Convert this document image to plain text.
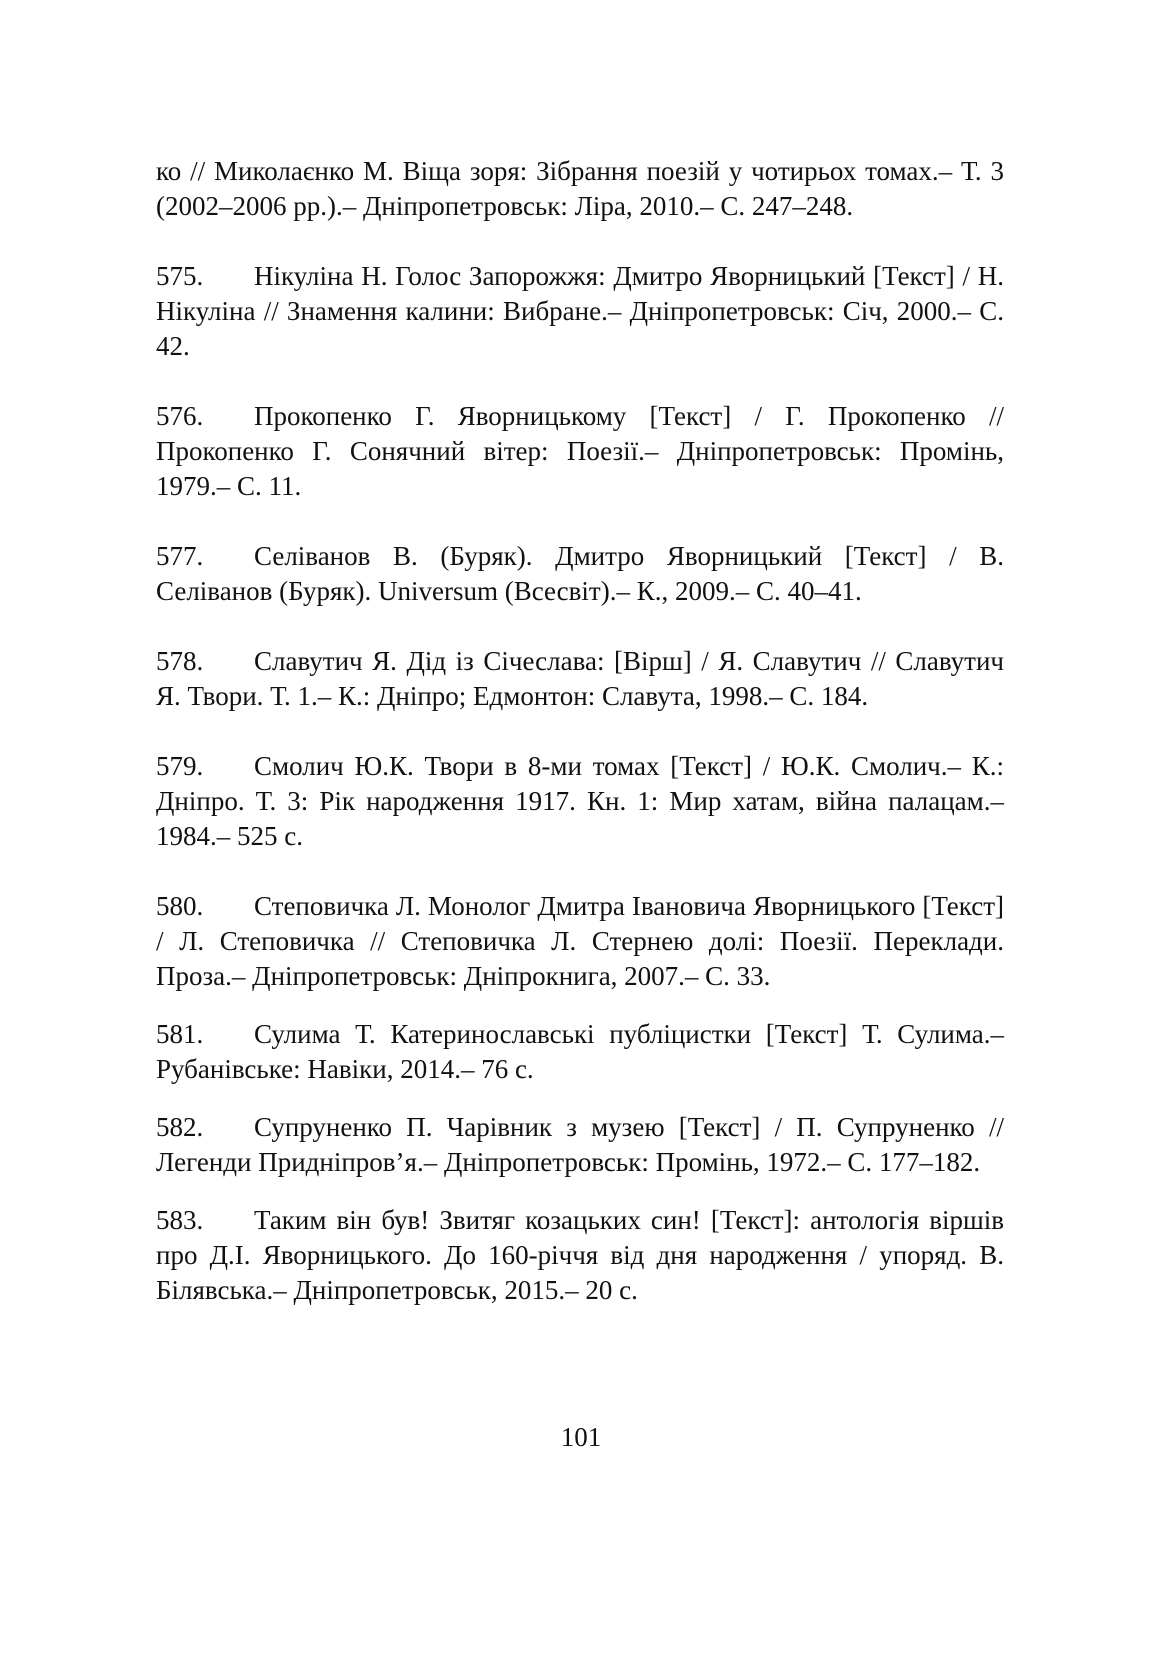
ко // Миколаєнко М. Віща зоря: Зібрання поезій у чотирьох томах.– Т. 3 (2002–2006 рр.).– Дніпропетровськ: Ліра, 2010.– С. 247–248.

575. Нікуліна Н. Голос Запорожжя: Дмитро Яворницький [Текст] / Н. Нікуліна // Знамення калини: Вибране.– Дніпропетровськ: Січ, 2000.– С. 42.

576. Прокопенко Г. Яворницькому [Текст] / Г. Прокопенко // Прокопенко Г. Сонячний вітер: Поезії.– Дніпропетровськ: Промінь, 1979.– С. 11.

577. Селіванов В. (Буряк). Дмитро Яворницький [Текст] / В. Селіванов (Буряк). Universum (Всесвіт).– К., 2009.– С. 40–41.

578. Славутич Я. Дід із Січеслава: [Вірш] / Я. Славутич // Славутич Я. Твори. Т. 1.– К.: Дніпро; Едмонтон: Славута, 1998.– С. 184.

579. Смолич Ю.К. Твори в 8-ми томах [Текст] / Ю.К. Смолич.– К.: Дніпро. Т. 3: Рік народження 1917. Кн. 1: Мир хатам, війна палацам.– 1984.– 525 с.

580. Степовичка Л. Монолог Дмитра Івановича Яворницького [Текст] / Л. Степовичка // Степовичка Л. Стернею долі: Поезії. Переклади. Проза.– Дніпропетровськ: Дніпрокнига, 2007.– С. 33.

581. Сулима Т. Катеринославські публіцистки [Текст] Т. Сулима.– Рубанівське: Навіки, 2014.– 76 с.

582. Супруненко П. Чарівник з музею [Текст] / П. Супруненко // Легенди Придніпров’я.– Дніпропетровськ: Промінь, 1972.– С. 177–182.

583. Таким він був! Звитяг козацьких син! [Текст]: антологія віршів про Д.І. Яворницького. До 160-річчя від дня народження / упоряд. В. Білявська.– Дніпропетровськ, 2015.– 20 с.

101
